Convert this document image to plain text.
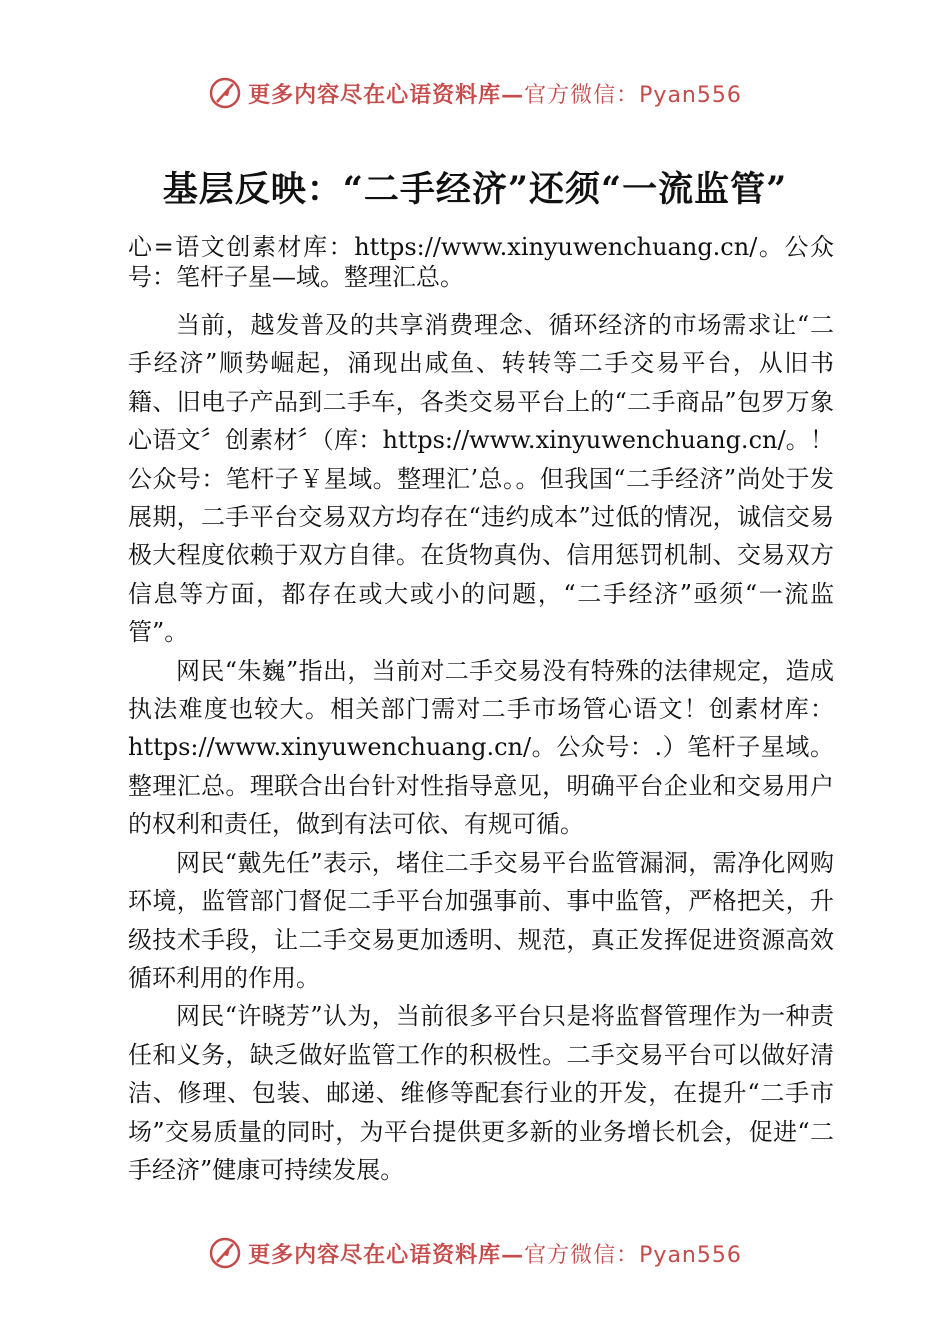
更多内容尽在心语资料库— 官方微信：Pyan556
基层反映：“二手经济”还须“一流监管”

心=语文创素材库：https://www.xinyuwenchuang.cn/。公众号：笔杆子星—域。整理汇总。

当前，越发普及的共享消费理念、循环经济的市场需求让“二手经济”顺势崛起，涌现出咸鱼、转转等二手交易平台，从旧书籍、旧电子产品到二手车，各类交易平台上的“二手商品”包罗万象心语文〞创素材〞（库：https://www.xinyuwenchuang.cn/。！公众号：笔杆子￥星域。整理汇’总。。但我国“二手经济”尚处于发展期，二手平台交易双方均存在“违约成本”过低的情况，诚信交易极大程度依赖于双方自律。在货物真伪、信用惩罚机制、交易双方信息等方面，都存在或大或小的问题，“二手经济”亟须“一流监管”。

网民“朱巍”指出，当前对二手交易没有特殊的法律规定，造成执法难度也较大。相关部门需对二手市场管心语文！创素材库：https://www.xinyuwenchuang.cn/。公众号：.）笔杆子星域。整理汇总。理联合出台针对性指导意见，明确平台企业和交易用户的权利和责任，做到有法可依、有规可循。

网民“戴先任”表示，堵住二手交易平台监管漏洞，需净化网购环境，监管部门督促二手平台加强事前、事中监管，严格把关，升级技术手段，让二手交易更加透明、规范，真正发挥促进资源高效循环利用的作用。

网民“许晓芳”认为，当前很多平台只是将监督管理作为一种责任和义务，缺乏做好监管工作的积极性。二手交易平台可以做好清洁、修理、包装、邮递、维修等配套行业的开发，在提升“二手市场”交易质量的同时，为平台提供更多新的业务增长机会，促进“二手经济”健康可持续发展。

更多内容尽在心语资料库— 官方微信：Pyan556
